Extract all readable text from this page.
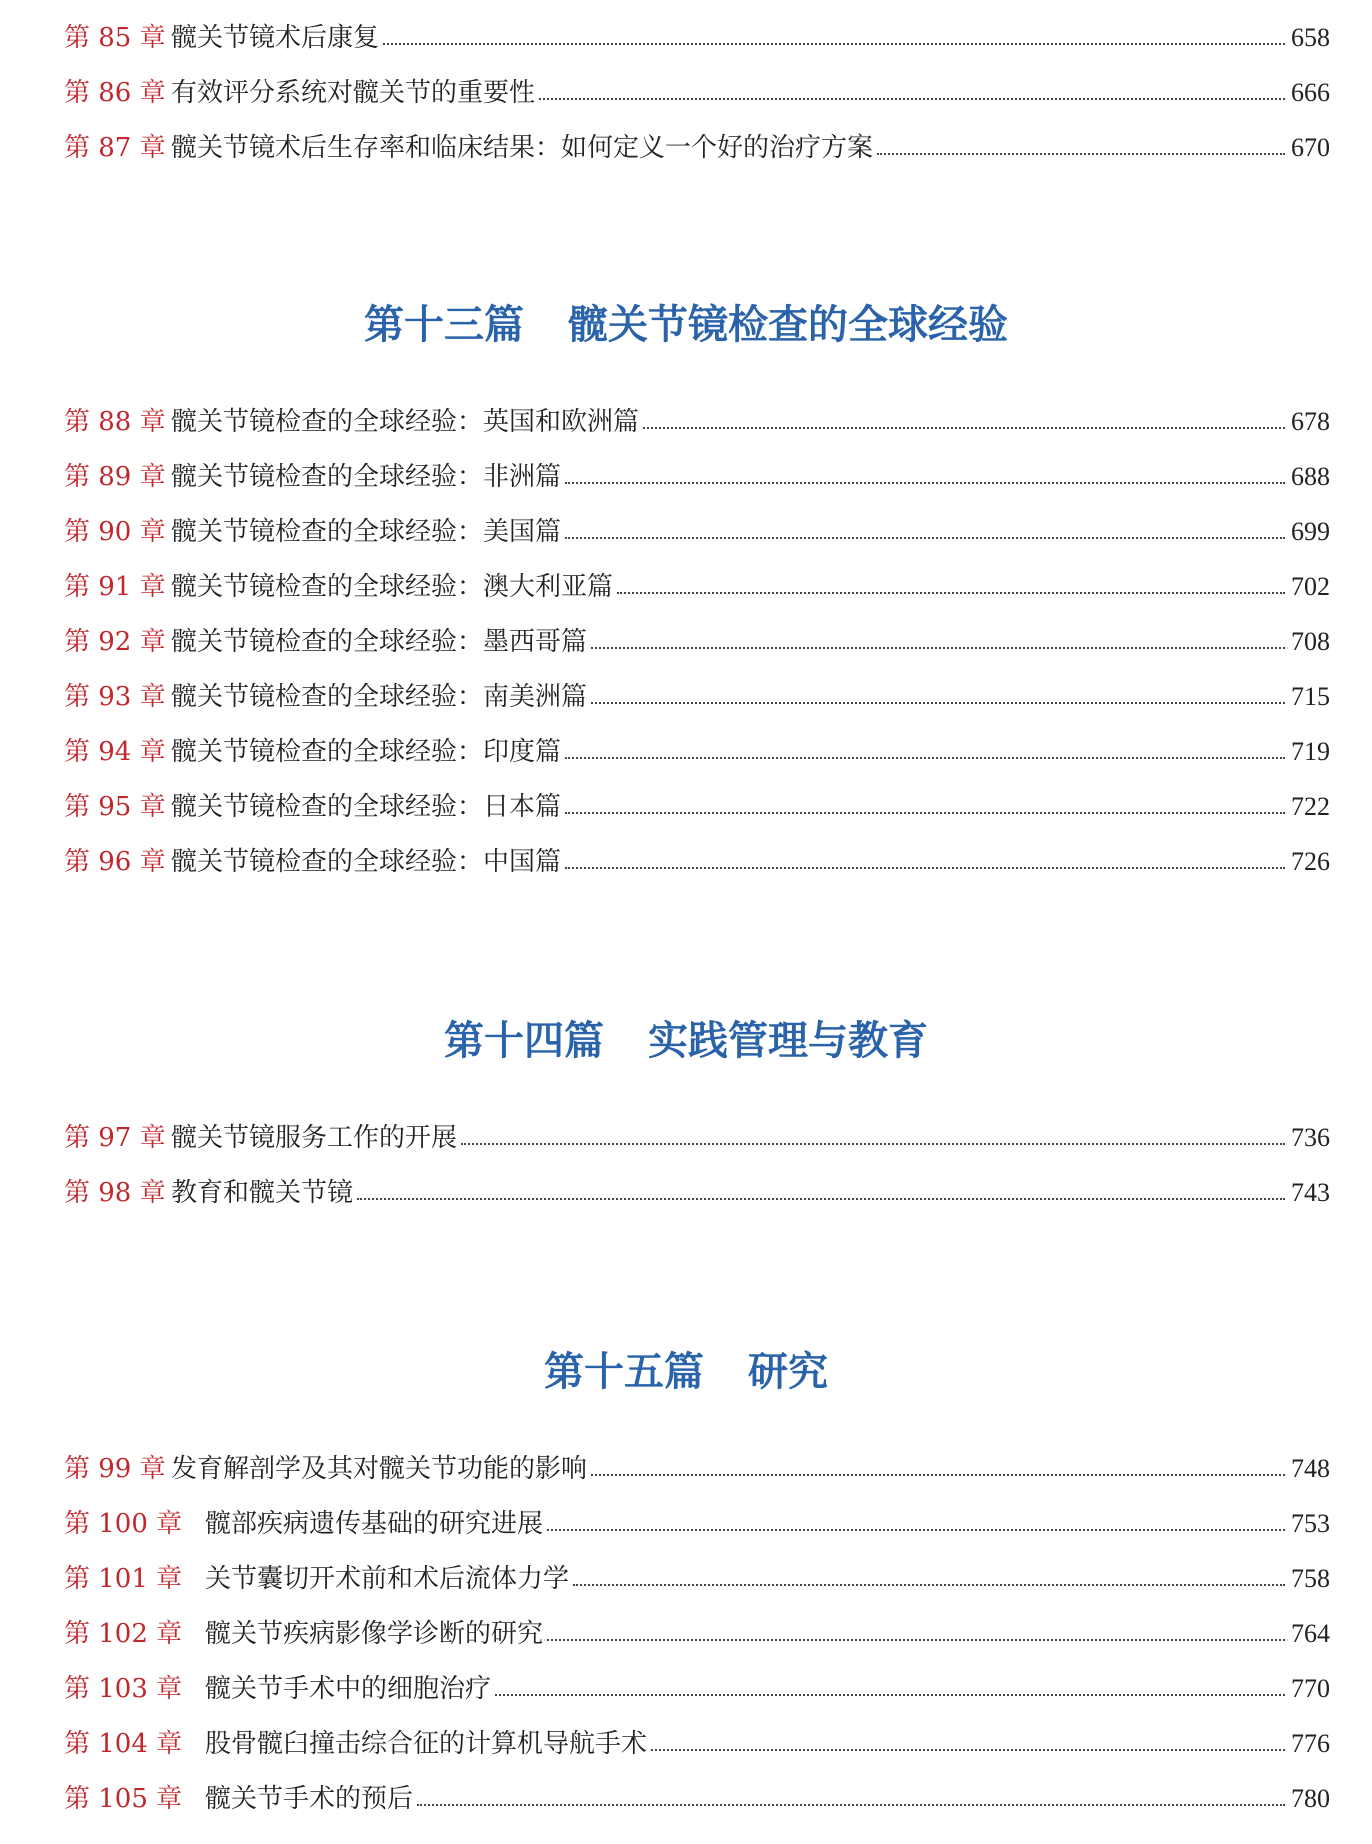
第 85 章 髋关节镜术后康复	658
第 86 章 有效评分系统对髋关节的重要性	666
第 87 章 髋关节镜术后生存率和临床结果：如何定义一个好的治疗方案	670
第十三篇 髋关节镜检查的全球经验
第 88 章 髋关节镜检查的全球经验：英国和欧洲篇	678
第 89 章 髋关节镜检查的全球经验：非洲篇	688
第 90 章 髋关节镜检查的全球经验：美国篇	699
第 91 章 髋关节镜检查的全球经验：澳大利亚篇	702
第 92 章 髋关节镜检查的全球经验：墨西哥篇	708
第 93 章 髋关节镜检查的全球经验：南美洲篇	715
第 94 章 髋关节镜检查的全球经验：印度篇	719
第 95 章 髋关节镜检查的全球经验：日本篇	722
第 96 章 髋关节镜检查的全球经验：中国篇	726
第十四篇 实践管理与教育
第 97 章 髋关节镜服务工作的开展	736
第 98 章 教育和髋关节镜	743
第十五篇 研究
第 99 章 发育解剖学及其对髋关节功能的影响	748
第 100 章 髋部疾病遗传基础的研究进展	753
第 101 章 关节囊切开术前和术后流体力学	758
第 102 章 髋关节疾病影像学诊断的研究	764
第 103 章 髋关节手术中的细胞治疗	770
第 104 章 股骨髋臼撞击综合征的计算机导航手术	776
第 105 章 髋关节手术的预后	780
